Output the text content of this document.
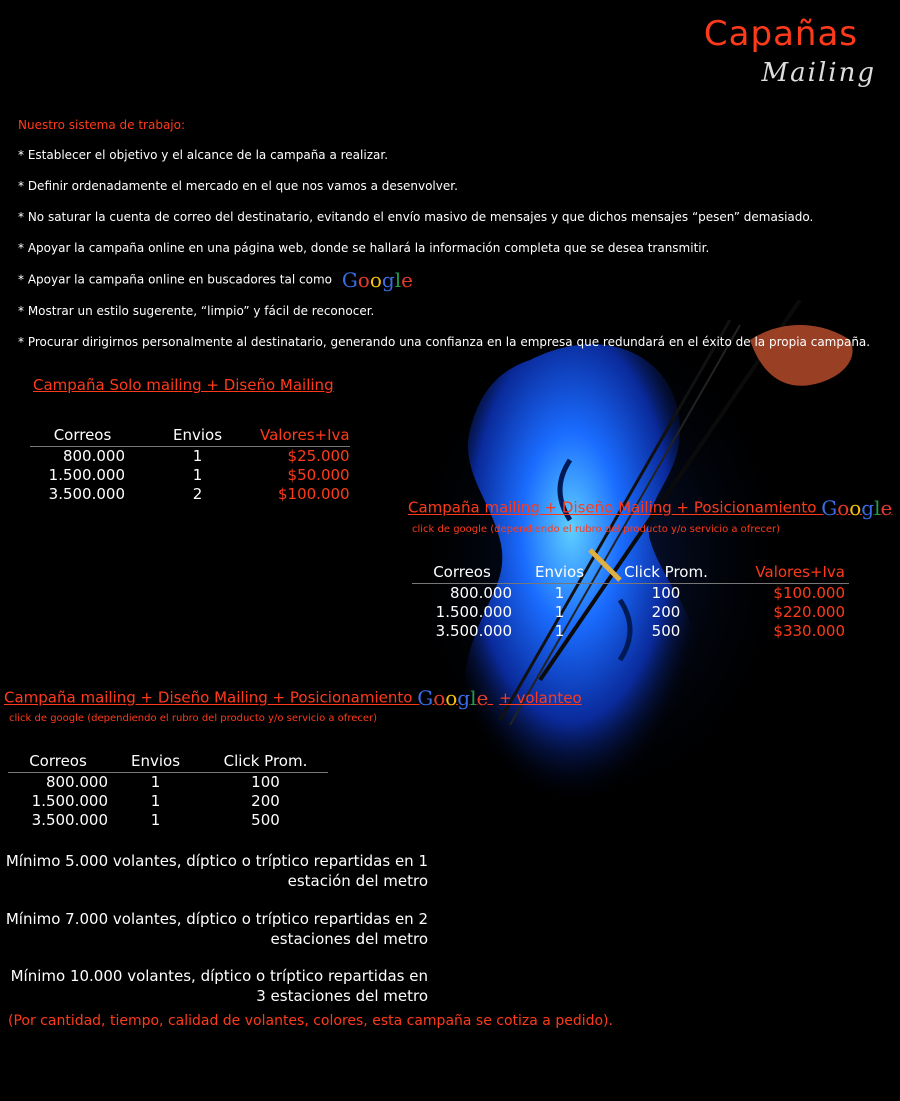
Capañas
Mailing
Nuestro sistema de trabajo:
* Establecer el objetivo y el alcance de la campaña a realizar.
* Definir ordenadamente el mercado en el que nos vamos a desenvolver.
* No saturar la cuenta de correo del destinatario, evitando el envío masivo de mensajes y que dichos mensajes “pesen” demasiado.
* Apoyar la campaña online en una página web, donde se hallará la información completa que se desea transmitir.
* Apoyar la campaña online en buscadores tal como Google
* Mostrar un estilo sugerente, “limpio” y fácil de reconocer.
* Procurar dirigirnos personalmente al destinatario, generando una confianza en la empresa que redundará en el éxito de la propia campaña.
Campaña Solo mailing + Diseño Mailing
Correos	Envios	Valores+Iva
800.000	1	$25.000
1.500.000	1	$50.000
3.500.000	2	$100.000
Campaña mailing + Diseño Mailing + Posicionamiento Google
click de google (dependiendo el rubro del producto y/o servicio a ofrecer)
Correos	Envios	Click Prom.	Valores+Iva
800.000	1	100	$100.000
1.500.000	1	200	$220.000
3.500.000	1	500	$330.000
Campaña mailing + Diseño Mailing + Posicionamiento Google + volanteo
click de google (dependiendo el rubro del producto y/o servicio a ofrecer)
Correos	Envios	Click Prom.
800.000	1	100
1.500.000	1	200
3.500.000	1	500
Mínimo 5.000 volantes, díptico o tríptico repartidas en 1
estación del metro
Mínimo 7.000 volantes, díptico o tríptico repartidas en 2
estaciones del metro
Mínimo 10.000 volantes, díptico o tríptico repartidas en
3 estaciones del metro
(Por cantidad, tiempo, calidad de volantes, colores, esta campaña se cotiza a pedido).
